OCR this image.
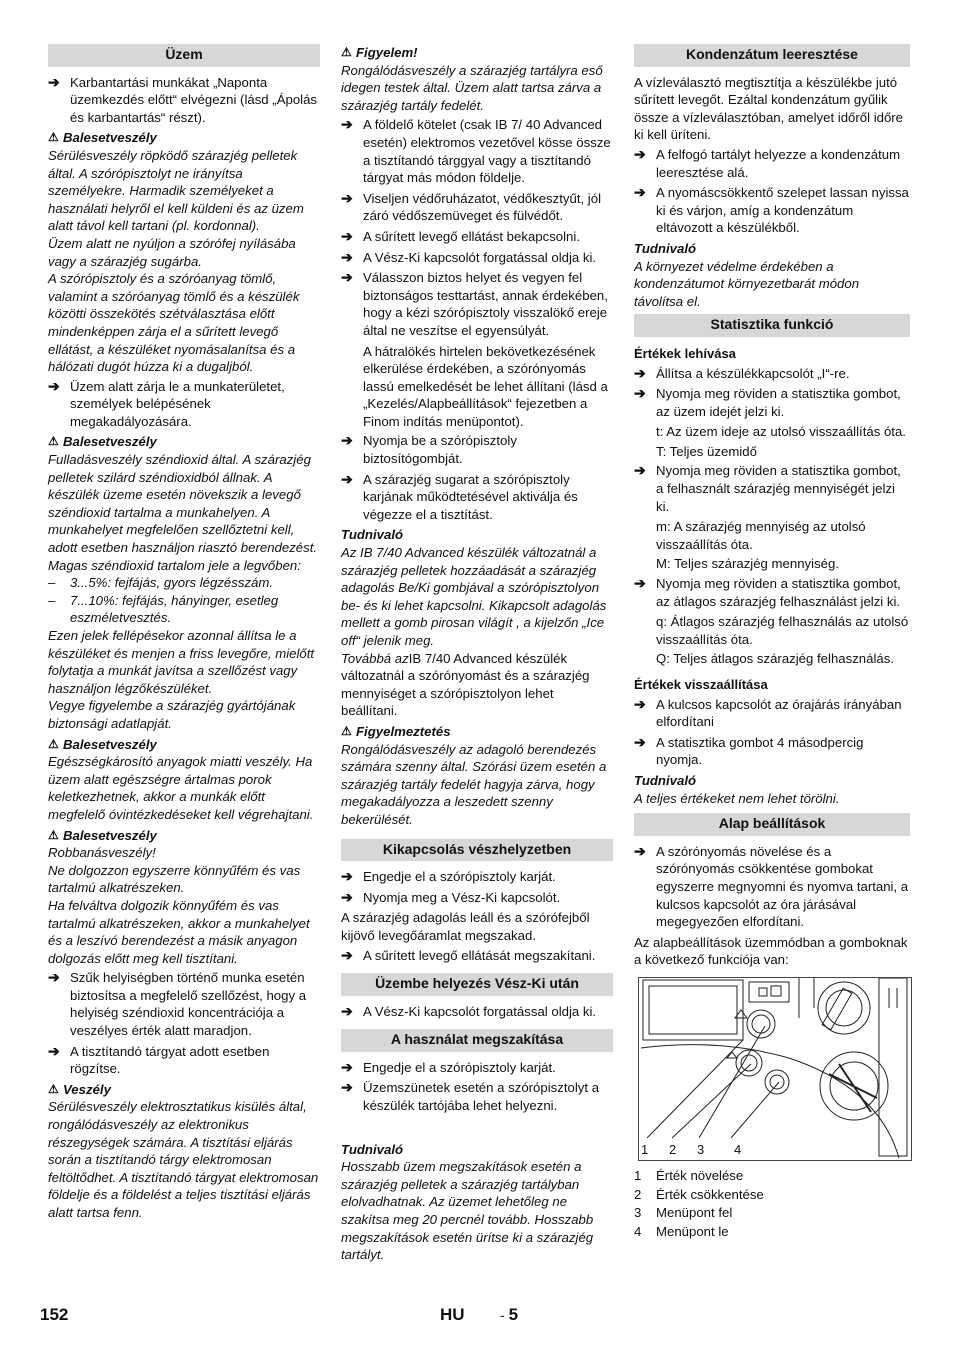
Üzem
➔ Karbantartási munkákat „Naponta üzemkezdés előtt“ elvégezni (lásd „Ápolás és karbantartás“ részt).
⚠ Balesetveszély

Sérülésveszély röpködő szárazjég pelletek által. A szórópisztolyt ne irányítsa személyekre. Harmadik személyeket a használati helyről el kell küldeni és az üzem alatt távol kell tartani (pl. kordonnal).

Üzem alatt ne nyúljon a szórófej nyílásába vagy a szárazjég sugárba.

A szórópisztoly és a szóróanyag tömlő, valamint a szóróanyag tömlő és a készülék közötti összekötés szétválasztása előtt mindenképpen zárja el a sűrített levegő ellátást, a készüléket nyomásalanítsa és a hálózati dugót húzza ki a dugaljból.

➔ Üzem alatt zárja le a munkaterületet, személyek belépésének megakadályozására.
⚠ Balesetveszély

Fulladásveszély széndioxid által. A szárazjég pelletek szilárd széndioxidból állnak. A készülék üzeme esetén növekszik a levegő széndioxid tartalma a munkahelyen. A munkahelyet megfelelően szellőztetni kell, adott esetben használjon riasztó berendezést. Magas széndioxid tartalom jele a legvőben:

– 3...5%: fejfájás, gyors légzésszám.
– 7...10%: fejfájás, hányinger, esetleg eszméletvesztés.

Ezen jelek fellépésekor azonnal állítsa le a készüléket és menjen a friss levegőre, mielőtt folytatja a munkát javítsa a szellőzést vagy használjon légzőkészüléket.

Vegye figyelembe a szárazjég gyártójának biztonsági adatlapját.

⚠ Balesetveszély

Egészségkárosító anyagok miatti veszély. Ha üzem alatt egészségre ártalmas porok keletkezhetnek, akkor a munkák előtt megfelelő óvintézkedéseket kell végrehajtani.

⚠ Balesetveszély

Robbanásveszély!

Ne dolgozzon egyszerre könnyűfém és vas tartalmú alkatrészeken.

Ha felváltva dolgozik könnyűfém és vas tartalmú alkatrészeken, akkor a munkahelyet és a leszívó berendezést a másik anyagon dolgozás előtt meg kell tisztítani.

➔ Szűk helyiségben történő munka esetén biztosítsa a megfelelő szellőzést, hogy a helyiség széndioxid koncentrációja a veszélyes érték alatt maradjon.
➔ A tisztítandó tárgyat adott esetben rögzítse.
⚠ Veszély

Sérülésveszély elektrosztatikus kisülés által, rongálódásveszély az elektronikus részegységek számára. A tisztítási eljárás során a tisztítandó tárgy elektromosan feltöltődhet. A tisztítandó tárgyat elektromosan földelje és a földelést a teljes tisztítási eljárás alatt tartsa fenn.

⚠ Figyelem!

Rongálódásveszély a szárazjég tartályra eső idegen testek által. Üzem alatt tartsa zárva a szárazjég tartály fedelét.

➔ A földelő kötelet (csak IB 7/ 40 Advanced esetén) elektromos vezetővel kösse össze a tisztítandó tárggyal vagy a tisztítandó tárgyat más módon földelje.
➔ Viseljen védőruházatot, védőkesztyűt, jól záró védőszemüveget és fülvédőt.
➔ A sűrített levegő ellátást bekapcsolni.
➔ A Vész-Ki kapcsolót forgatással oldja ki.
➔ Válasszon biztos helyet és vegyen fel biztonságos testtartást, annak érdekében, hogy a kézi szórópisztoly visszalökő ereje által ne veszítse el egyensúlyát.

A hátralökés hirtelen bekövetkezésének elkerülése érdekében, a szórónyomás lassú emelkedését be lehet állítani (lásd a „Kezelés/Alapbeállítások“ fejezetben a Finom indítás menüpontot).

➔ Nyomja be a szórópisztoly biztosítógombját.
➔ A szárazjég sugarat a szórópisztoly karjának működtetésével aktiválja és végezze el a tisztítást.

Tudnivaló

Az IB 7/40 Advanced készülék változatnál a szárazjég pelletek hozzáadását a szárazjég adagolás Be/Ki gombjával a szórópisztolyon be- és ki lehet kapcsolni. Kikapcsolt adagolás mellett a gomb pirosan világít , a kijelzőn „Ice off“ jelenik meg.

Továbbá azIB 7/40 Advanced készülék változatnál a szórónyomást és a szárazjég mennyiséget a szórópisztolyon lehet beállítani.

⚠ Figyelmeztetés

Rongálódásveszély az adagoló berendezés számára szenny által. Szórási üzem esetén a szárazjég tartály fedelét hagyja zárva, hogy megakadályozza a leszedett szenny bekerülését.

Kikapcsolás vészhelyzetben
➔ Engedje el a szórópisztoly karját.
➔ Nyomja meg a Vész-Ki kapcsolót.

A szárazjég adagolás leáll és a szórófejből kijövő levegőáramlat megszakad.

➔ A sűrített levegő ellátását megszakítani.
Üzembe helyezés Vész-Ki után
➔ A Vész-Ki kapcsolót forgatással oldja ki.
A használat megszakítása
➔ Engedje el a szórópisztoly karját.
➔ Üzemszünetek esetén a szórópisztolyt a készülék tartójába lehet helyezni.

Tudnivaló

Hosszabb üzem megszakítások esetén a szárazjég pelletek a szárazjég tartályban elolvadhatnak. Az üzemet lehetőleg ne szakítsa meg 20 percnél tovább. Hosszabb megszakítások esetén ürítse ki a szárazjég tartályt.

Kondenzátum leeresztése

A vízleválasztó megtisztítja a készülékbe jutó sűrített levegőt. Ezáltal kondenzátum gyűlik össze a vízleválasztóban, amelyet időről időre ki kell üríteni.

➔ A felfogó tartályt helyezze a kondenzátum leeresztése alá.
➔ A nyomáscsökkentő szelepet lassan nyissa ki és várjon, amíg a kondenzátum eltávozott a készülékből.

Tudnivaló

A környezet védelme érdekében a kondenzátumot környezetbarát módon távolítsa el.

Statisztika funkció

Értékek lehívása

➔ Állítsa a készülékkapcsolót „I“-re.
➔ Nyomja meg röviden a statisztika gombot, az üzem idejét jelzi ki.

t: Az üzem ideje az utolsó visszaállítás óta.

T: Teljes üzemidő

➔ Nyomja meg röviden a statisztika gombot, a felhasznált szárazjég mennyiségét jelzi ki.

m: A szárazjég mennyiség az utolsó visszaállítás óta.

M: Teljes szárazjég mennyiség.

➔ Nyomja meg röviden a statisztika gombot, az átlagos szárazjég felhasználást jelzi ki.

q: Átlagos szárazjég felhasználás az utolsó visszaállítás óta.

Q: Teljes átlagos szárazjég felhasználás.

Értékek visszaállítása

➔ A kulcsos kapcsolót az órajárás irányában elfordítani
➔ A statisztika gombot 4 másodpercig nyomja.

Tudnivaló

A teljes értékeket nem lehet törölni.

Alap beállítások
➔ A szórónyomás növelése és a szórónyomás csökkentése gombokat egyszerre megnyomni és nyomva tartani, a kulcsos kapcsolót az óra járásával megegyezően elfordítani.

Az alapbeállítások üzemmódban a gomboknak a következő funkciója van:

1 2 3 4
1	Érték növelése
2	Érték csökkentése
3	Menüpont fel
4	Menüpont le
152	HU	- 5
